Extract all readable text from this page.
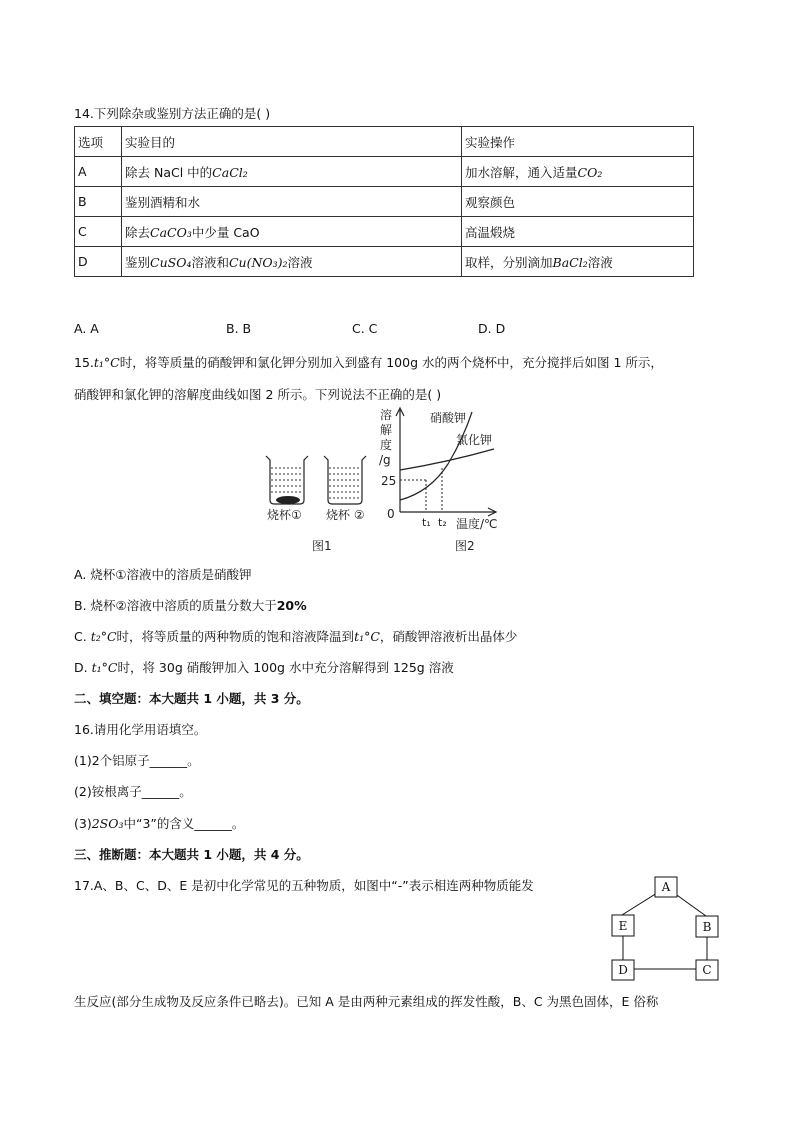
14.下列除杂或鉴别方法正确的是( )
选项	实验目的	实验操作
A	除去 NaCl 中的CaCl₂	加水溶解，通入适量CO₂
B	鉴别酒精和水	观察颜色
C	除去CaCO₃中少量 CaO	高温煅烧
D	鉴别CuSO₄溶液和Cu(NO₃)₂溶液	取样，分别滴加BaCl₂溶液
A. A	B. B	C. C	D. D
15.t₁°C时，将等质量的硝酸钾和氯化钾分别加入到盛有 100g 水的两个烧杯中，充分搅拌后如图 1 所示，
硝酸钾和氯化钾的溶解度曲线如图 2 所示。下列说法不正确的是( )
烧杯① 烧杯 ②
图1
溶
解
度
/g
25
0
硝酸钾
氯化钾
t₁ t₂ 温度/℃
图2
A. 烧杯①溶液中的溶质是硝酸钾
B. 烧杯②溶液中溶质的质量分数大于20%
C. t₂°C时，将等质量的两种物质的饱和溶液降温到t₁°C，硝酸钾溶液析出晶体少
D. t₁°C时，将 30g 硝酸钾加入 100g 水中充分溶解得到 125g 溶液
二、填空题：本大题共 1 小题，共 3 分。
16.请用化学用语填空。
(1)2个铝原子______。
(2)铵根离子______。
(3)2SO₃中“3”的含义______。
三、推断题：本大题共 1 小题，共 4 分。
17.A、B、C、D、E 是初中化学常见的五种物质，如图中“-”表示相连两种物质能发	A
B
C
D
E
生反应(部分生成物及反应条件已略去)。已知 A 是由两种元素组成的挥发性酸，B、C 为黑色固体，E 俗称
